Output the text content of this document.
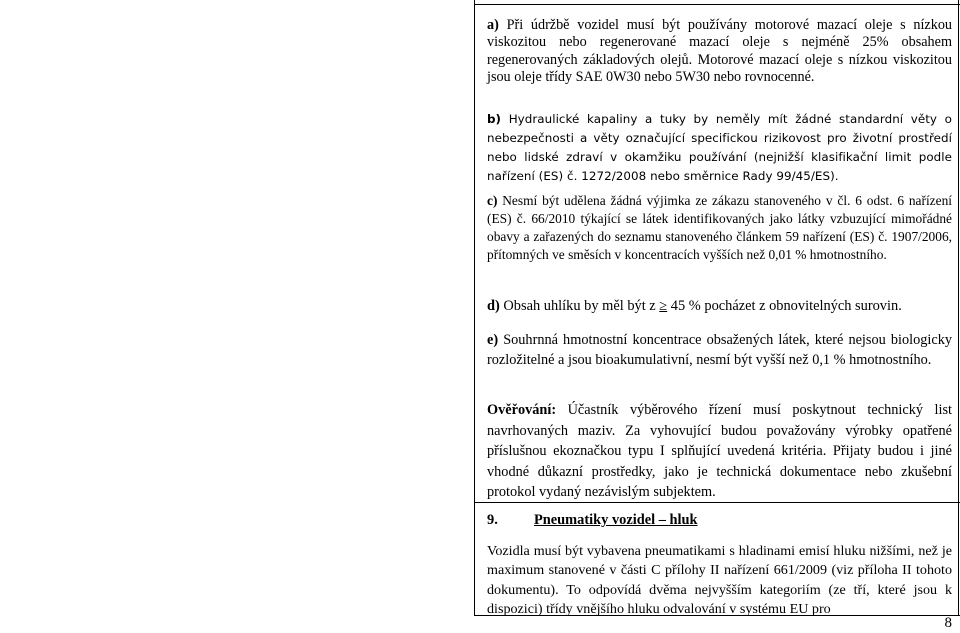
a) Při údržbě vozidel musí být používány motorové mazací oleje s nízkou viskozitou nebo regenerované mazací oleje s nejméně 25% obsahem regenerovaných základových olejů. Motorové mazací oleje s nízkou viskozitou jsou oleje třídy SAE 0W30 nebo 5W30 nebo rovnocenné.

b) Hydraulické kapaliny a tuky by neměly mít žádné standardní věty o nebezpečnosti a věty označující specifickou rizikovost pro životní prostředí nebo lidské zdraví v okamžiku používání (nejnižší klasifikační limit podle nařízení (ES) č. 1272/2008 nebo směrnice Rady 99/45/ES).

c) Nesmí být udělena žádná výjimka ze zákazu stanoveného v čl. 6 odst. 6 nařízení (ES) č. 66/2010 týkající se látek identifikovaných jako látky vzbuzující mimořádné obavy a zařazených do seznamu stanoveného článkem 59 nařízení (ES) č. 1907/2006, přítomných ve směsích v koncentracích vyšších než 0,01 % hmotnostního.

d) Obsah uhlíku by měl být z ≥ 45 % pocházet z obnovitelných surovin.

e) Souhrnná hmotnostní koncentrace obsažených látek, které nejsou biologicky rozložitelné a jsou bioakumulativní, nesmí být vyšší než 0,1 % hmotnostního.

Ověřování: Účastník výběrového řízení musí poskytnout technický list navrhovaných maziv. Za vyhovující budou považovány výrobky opatřené příslušnou ekoznačkou typu I splňující uvedená kritéria. Přijaty budou i jiné vhodné důkazní prostředky, jako je technická dokumentace nebo zkušební protokol vydaný nezávislým subjektem.

9.	Pneumatiky vozidel – hluk

Vozidla musí být vybavena pneumatikami s hladinami emisí hluku nižšími, než je maximum stanovené v části C přílohy II nařízení 661/2009 (viz příloha II tohoto dokumentu). To odpovídá dvěma nejvyšším kategoriím (ze tří, které jsou k dispozici) třídy vnějšího hluku odvalování v systému EU pro

8
